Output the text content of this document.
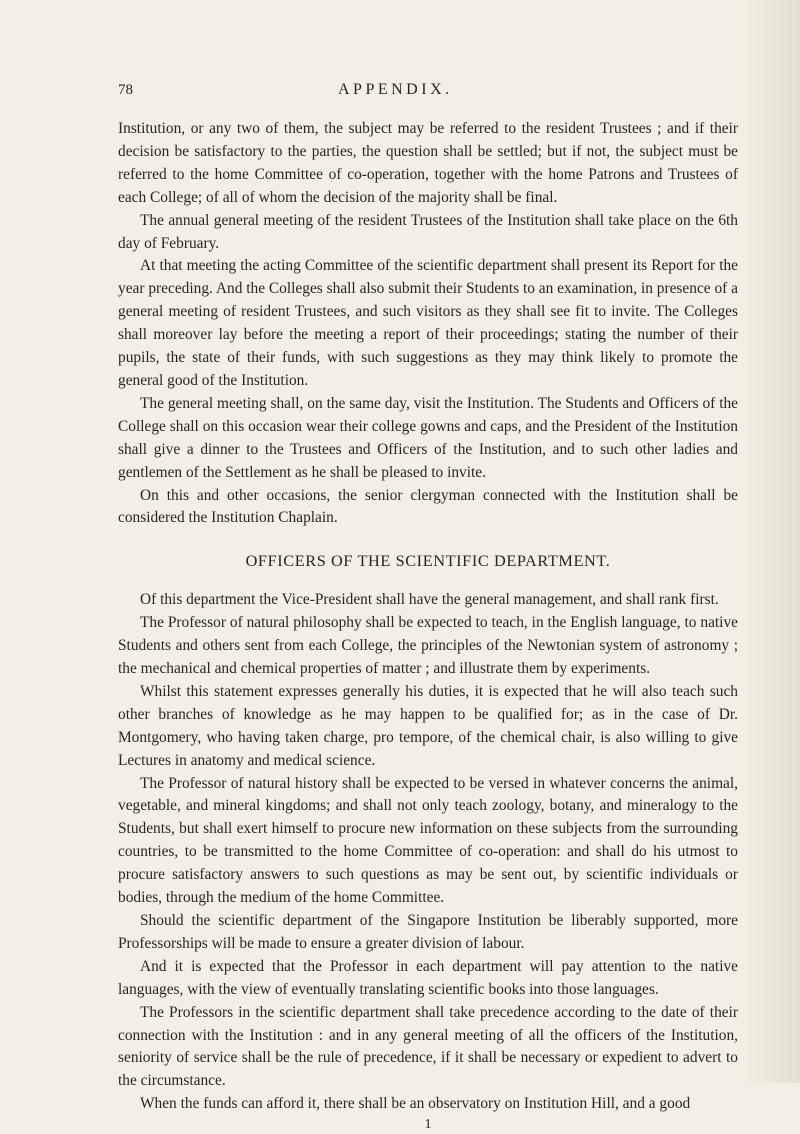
78	APPENDIX.

Institution, or any two of them, the subject may be referred to the resident Trustees ; and if their decision be satisfactory to the parties, the question shall be settled; but if not, the subject must be referred to the home Committee of co-operation, together with the home Patrons and Trustees of each College; of all of whom the decision of the majority shall be final.

The annual general meeting of the resident Trustees of the Institution shall take place on the 6th day of February.

At that meeting the acting Committee of the scientific department shall present its Report for the year preceding. And the Colleges shall also submit their Students to an examination, in presence of a general meeting of resident Trustees, and such visitors as they shall see fit to invite. The Colleges shall moreover lay before the meeting a report of their proceedings; stating the number of their pupils, the state of their funds, with such suggestions as they may think likely to promote the general good of the Institution.

The general meeting shall, on the same day, visit the Institution. The Students and Officers of the College shall on this occasion wear their college gowns and caps, and the President of the Institution shall give a dinner to the Trustees and Officers of the Institution, and to such other ladies and gentlemen of the Settlement as he shall be pleased to invite.

On this and other occasions, the senior clergyman connected with the Institution shall be considered the Institution Chaplain.

OFFICERS OF THE SCIENTIFIC DEPARTMENT.

Of this department the Vice-President shall have the general management, and shall rank first.

The Professor of natural philosophy shall be expected to teach, in the English language, to native Students and others sent from each College, the principles of the Newtonian system of astronomy ; the mechanical and chemical properties of matter ; and illustrate them by experiments.

Whilst this statement expresses generally his duties, it is expected that he will also teach such other branches of knowledge as he may happen to be qualified for; as in the case of Dr. Montgomery, who having taken charge, pro tempore, of the chemical chair, is also willing to give Lectures in anatomy and medical science.

The Professor of natural history shall be expected to be versed in whatever concerns the animal, vegetable, and mineral kingdoms; and shall not only teach zoology, botany, and mineralogy to the Students, but shall exert himself to procure new information on these subjects from the surrounding countries, to be transmitted to the home Committee of co-operation: and shall do his utmost to procure satisfactory answers to such questions as may be sent out, by scientific individuals or bodies, through the medium of the home Committee.

Should the scientific department of the Singapore Institution be liberably supported, more Professorships will be made to ensure a greater division of labour.

And it is expected that the Professor in each department will pay attention to the native languages, with the view of eventually translating scientific books into those languages.

The Professors in the scientific department shall take precedence according to the date of their connection with the Institution : and in any general meeting of all the officers of the Institution, seniority of service shall be the rule of precedence, if it shall be necessary or expedient to advert to the circumstance.

When the funds can afford it, there shall be an observatory on Institution Hill, and a good

1
